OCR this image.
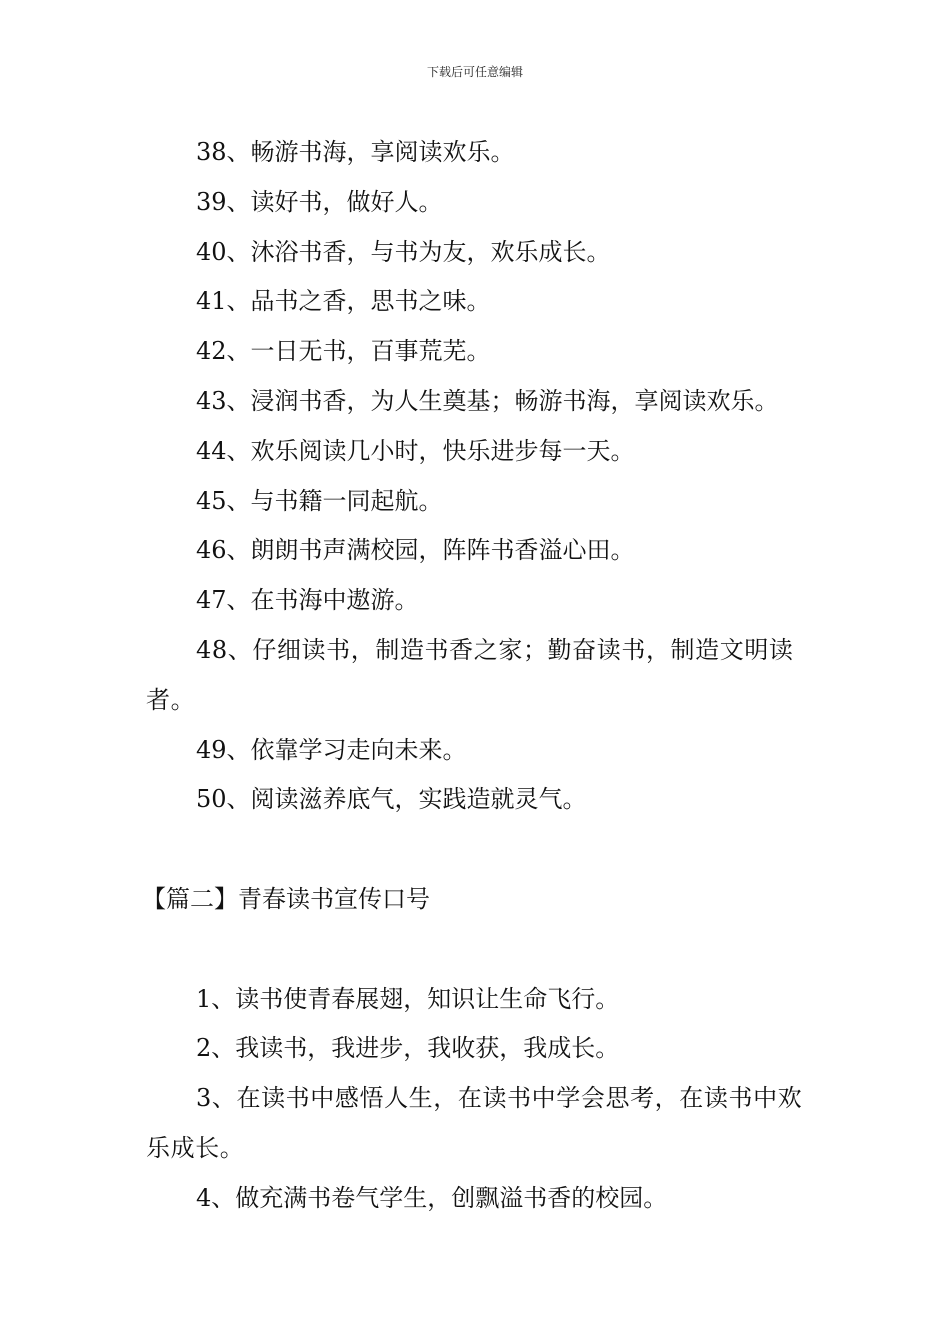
下载后可任意编辑
38、畅游书海，享阅读欢乐。
39、读好书，做好人。
40、沐浴书香，与书为友，欢乐成长。
41、品书之香，思书之味。
42、一日无书，百事荒芜。
43、浸润书香，为人生奠基；畅游书海，享阅读欢乐。
44、欢乐阅读几小时，快乐进步每一天。
45、与书籍一同起航。
46、朗朗书声满校园，阵阵书香溢心田。
47、在书海中遨游。
48、仔细读书，制造书香之家；勤奋读书，制造文明读者。
49、依靠学习走向未来。
50、阅读滋养底气，实践造就灵气。
【篇二】青春读书宣传口号
1、读书使青春展翅，知识让生命飞行。
2、我读书，我进步，我收获，我成长。
3、在读书中感悟人生，在读书中学会思考，在读书中欢乐成长。
4、做充满书卷气学生，创飘溢书香的校园。
